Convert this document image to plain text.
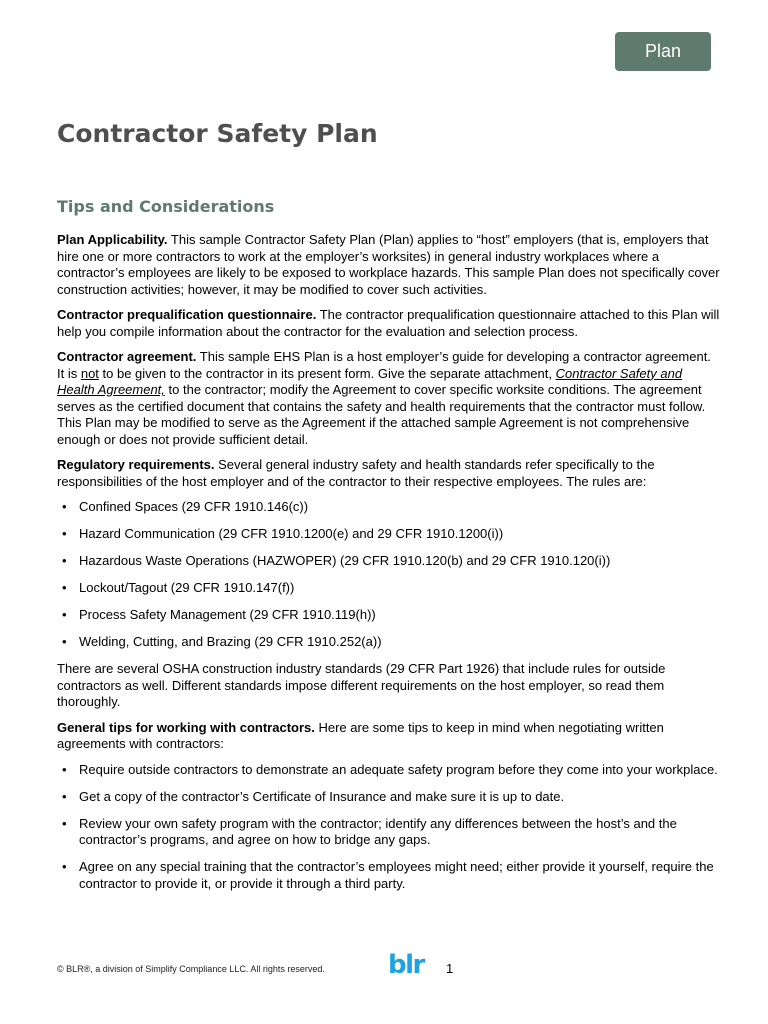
Plan
Contractor Safety Plan
Tips and Considerations

Plan Applicability. This sample Contractor Safety Plan (Plan) applies to “host” employers (that is, employers that hire one or more contractors to work at the employer’s worksites) in general industry workplaces where a contractor’s employees are likely to be exposed to workplace hazards. This sample Plan does not specifically cover construction activities; however, it may be modified to cover such activities.

Contractor prequalification questionnaire. The contractor prequalification questionnaire attached to this Plan will help you compile information about the contractor for the evaluation and selection process.

Contractor agreement. This sample EHS Plan is a host employer’s guide for developing a contractor agreement. It is not to be given to the contractor in its present form. Give the separate attachment, Contractor Safety and Health Agreement, to the contractor; modify the Agreement to cover specific worksite conditions. The agreement serves as the certified document that contains the safety and health requirements that the contractor must follow. This Plan may be modified to serve as the Agreement if the attached sample Agreement is not comprehensive enough or does not provide sufficient detail.

Regulatory requirements. Several general industry safety and health standards refer specifically to the responsibilities of the host employer and of the contractor to their respective employees. The rules are:

• Confined Spaces (29 CFR 1910.146(c))
• Hazard Communication (29 CFR 1910.1200(e) and 29 CFR 1910.1200(i))
• Hazardous Waste Operations (HAZWOPER) (29 CFR 1910.120(b) and 29 CFR 1910.120(i))
• Lockout/Tagout (29 CFR 1910.147(f))
• Process Safety Management (29 CFR 1910.119(h))
• Welding, Cutting, and Brazing (29 CFR 1910.252(a))

There are several OSHA construction industry standards (29 CFR Part 1926) that include rules for outside contractors as well. Different standards impose different requirements on the host employer, so read them thoroughly.

General tips for working with contractors. Here are some tips to keep in mind when negotiating written agreements with contractors:

• Require outside contractors to demonstrate an adequate safety program before they come into your workplace.
• Get a copy of the contractor’s Certificate of Insurance and make sure it is up to date.
• Review your own safety program with the contractor; identify any differences between the host’s and the contractor’s programs, and agree on how to bridge any gaps.
• Agree on any special training that the contractor’s employees might need; either provide it yourself, require the contractor to provide it, or provide it through a third party.
© BLR®, a division of Simplify Compliance LLC. All rights reserved. blr 1
